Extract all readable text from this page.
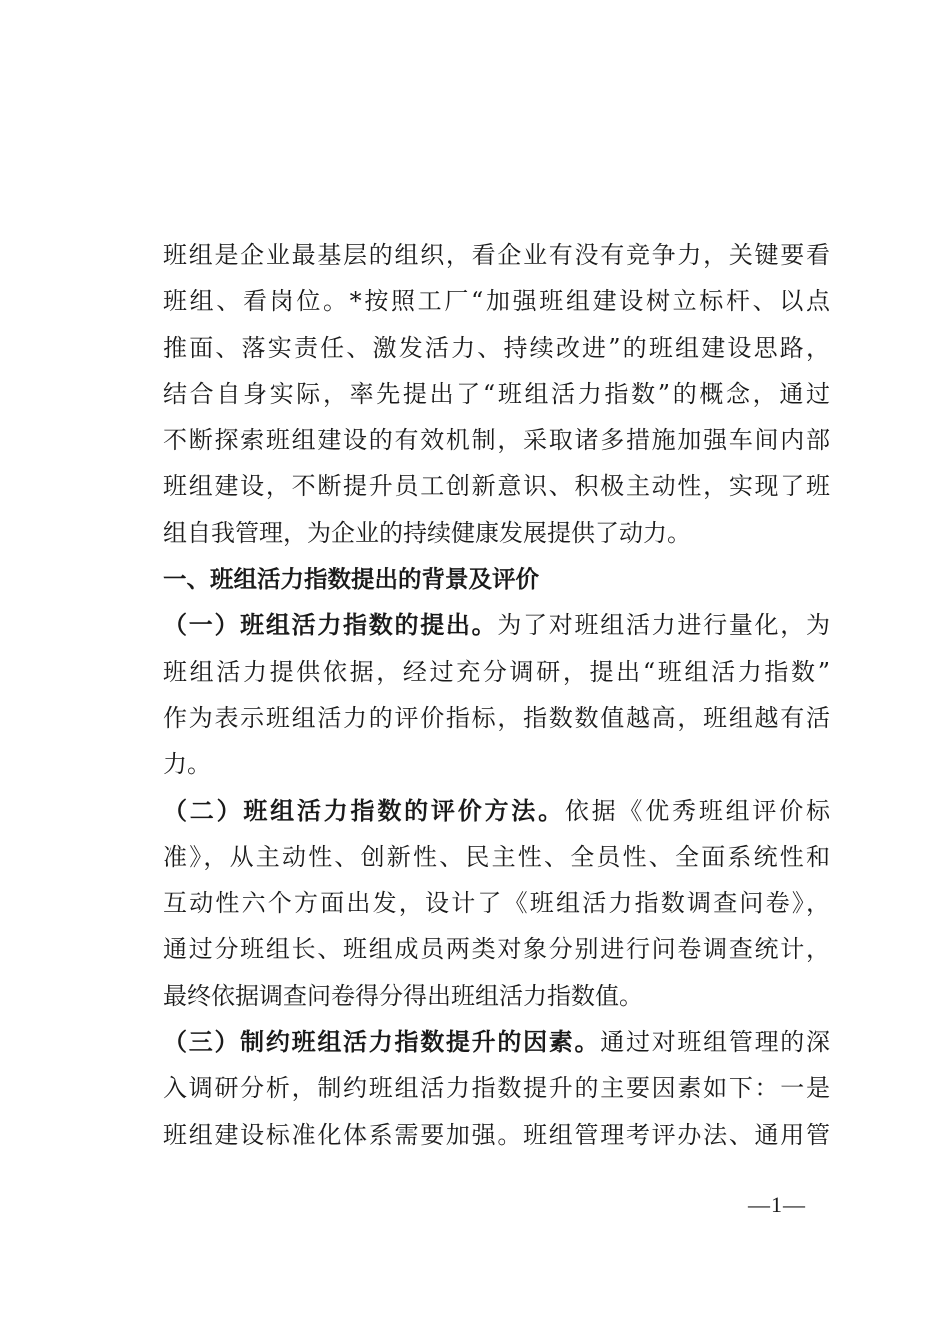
班组是企业最基层的组织，看企业有没有竞争力，关键要看
班组、看岗位。*按照工厂“加强班组建设树立标杆、以点
推面、落实责任、激发活力、持续改进”的班组建设思路，
结合自身实际，率先提出了“班组活力指数”的概念，通过
不断探索班组建设的有效机制，采取诸多措施加强车间内部
班组建设，不断提升员工创新意识、积极主动性，实现了班
组自我管理，为企业的持续健康发展提供了动力。
一、班组活力指数提出的背景及评价
（一）班组活力指数的提出。为了对班组活力进行量化，为
班组活力提供依据，经过充分调研，提出“班组活力指数”
作为表示班组活力的评价指标，指数数值越高，班组越有活
力。
（二）班组活力指数的评价方法。依据《优秀班组评价标
准》，从主动性、创新性、民主性、全员性、全面系统性和
互动性六个方面出发，设计了《班组活力指数调查问卷》，
通过分班组长、班组成员两类对象分别进行问卷调查统计，
最终依据调查问卷得分得出班组活力指数值。
（三）制约班组活力指数提升的因素。通过对班组管理的深
入调研分析，制约班组活力指数提升的主要因素如下：一是
班组建设标准化体系需要加强。班组管理考评办法、通用管
—1—
